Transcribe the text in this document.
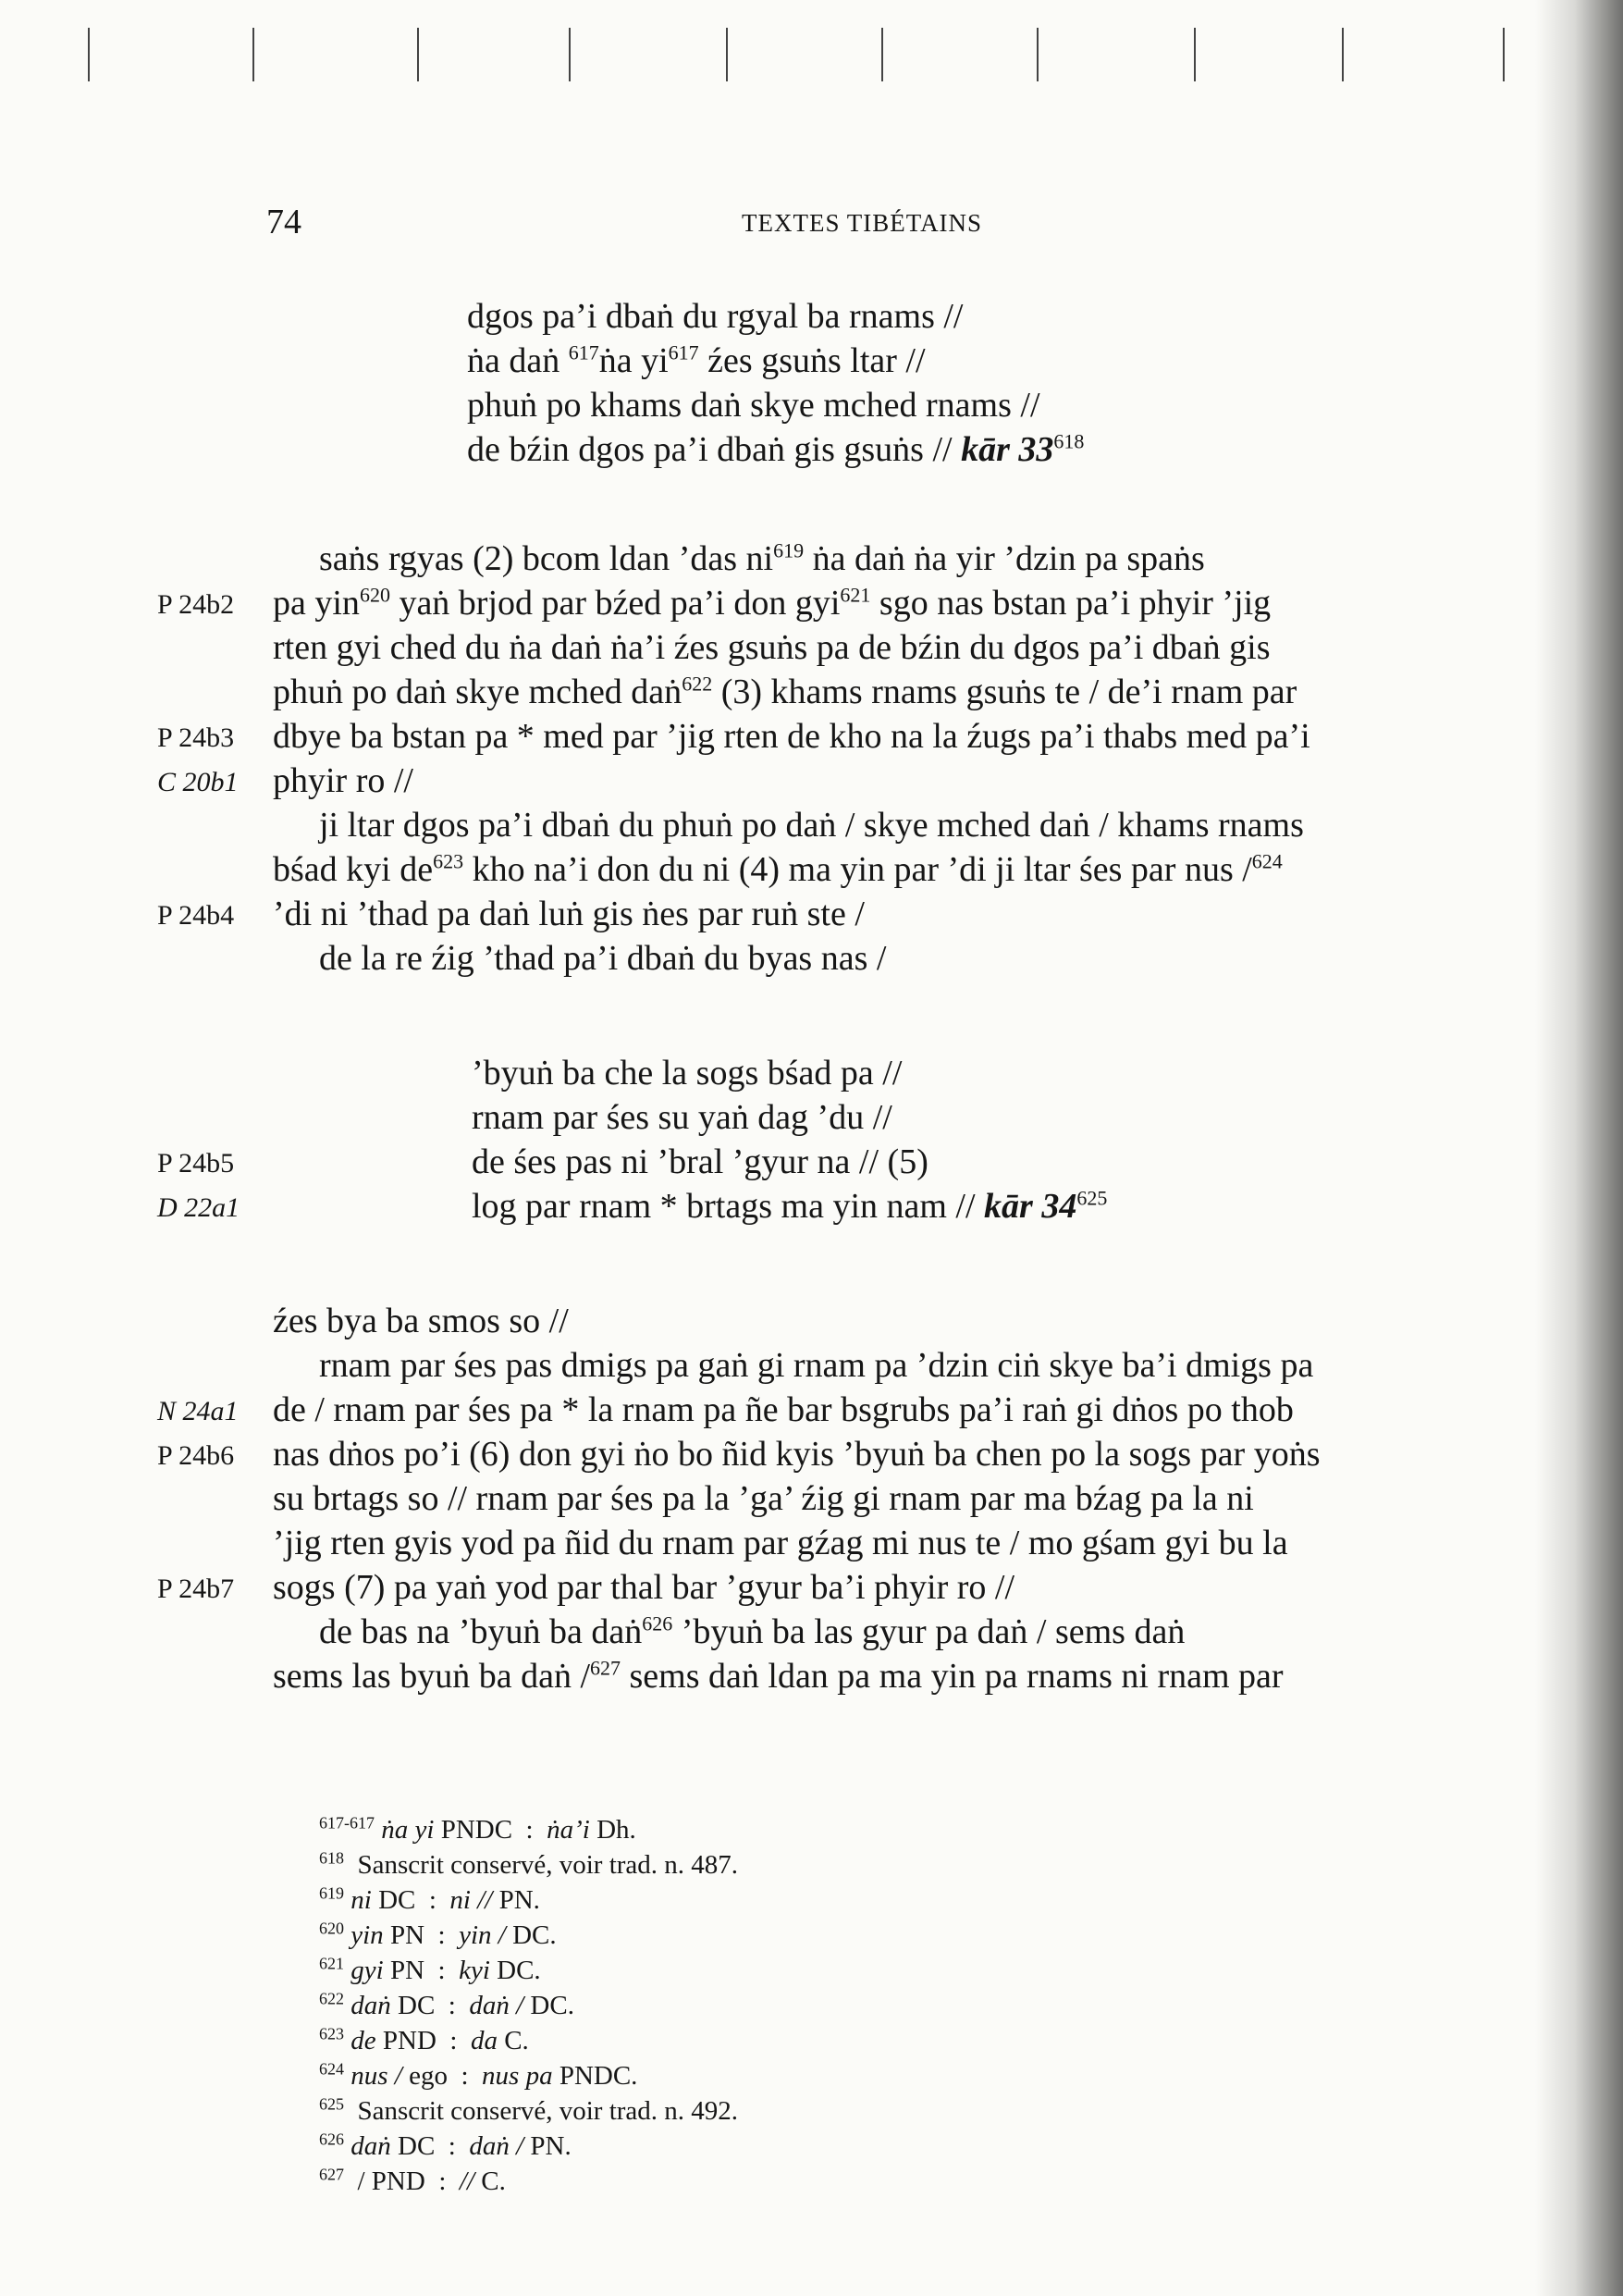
74	TEXTES TIBÉTAINS
dgos pa’i dbaṅ du rgyal ba rnams //
ṅa daṅ $^{617}$ṅa $yi^{617}$ źes gsuṅs ltar //
phuṅ po khams daṅ skye mched rnams //
de bźin dgos pa’i dbaṅ gis gsuṅs // kār $33^{618}$
saṅs rgyas (2) bcom ldan ’das $ni^{619}$ ṅa daṅ ṅa yir ’dzin pa spaṅs
P 24b2 pa yin$^{620}$ yaṅ brjod par bźed pa’i don gyi$^{621}$ sgo nas bstan pa’i phyir ’jig
rten gyi ched du ṅa daṅ ṅa’i źes gsuṅs pa de bźin du dgos pa’i dbaṅ gis
phuṅ po daṅ skye mched daṅ$^{622}$ (3) khams rnams gsuṅs te / de’i rnam par
P 24b3 dbye ba bstan pa * med par ’jig rten de kho na la źugs pa’i thabs med pa’i
C 20b1 phyir ro //
ji ltar dgos pa’i dbaṅ du phuṅ po daṅ / skye mched daṅ / khams rnams
bśad kyi $de^{623}$ kho na’i don du ni (4) ma yin par ’di ji ltar śes par nus /$^{624}$
P 24b4 ’di ni ’thad pa daṅ luṅ gis ṅes par ruṅ ste /
de la re źig ’thad pa’i dbaṅ du byas nas /
’byuṅ ba che la sogs bśad pa //
rnam par śes su yaṅ dag ’du //
P 24b5	de śes pas ni ’bral ’gyur na // (5)
D 22a1	log par rnam * brtags ma yin nam // kār $34^{625}$
źes bya ba smos so //
rnam par śes pas dmigs pa gaṅ gi rnam pa ’dzin ciṅ skye ba’i dmigs pa
N 24a1 de / rnam par śes pa * la rnam pa ñe bar bsgrubs pa’i raṅ gi dṅos po thob
P 24b6 nas dṅos po’i (6) don gyi ṅo bo ñid kyis ’byuṅ ba chen po la sogs par yoṅs
su brtags so // rnam par śes pa la ’ga’ źig gi rnam par ma bźag pa la ni
’jig rten gyis yod pa ñid du rnam par gźag mi nus te / mo gśam gyi bu la
P 24b7 sogs (7) pa yaṅ yod par thal bar ’gyur ba’i phyir ro //
de bas na ’byuṅ ba daṅ$^{626}$ ’byuṅ ba las gyur pa daṅ / sems daṅ
sems las byuṅ ba daṅ /$^{627}$ sems daṅ ldan pa ma yin pa rnams ni rnam par
$^{617-617}$ ṅa yi PNDC  :  ṅa’i Dh.
$^{618}$  Sanscrit conservé, voir trad. n. 487.
$^{619}$ ni DC  :  ni // PN.
$^{620}$ yin PN  :  yin / DC.
$^{621}$ gyi PN  :  kyi DC.
$^{622}$ daṅ DC  :  daṅ / DC.
$^{623}$ de PND  :  da C.
$^{624}$ nus / ego  :  nus pa PNDC.
$^{625}$  Sanscrit conservé, voir trad. n. 492.
$^{626}$ daṅ DC  :  daṅ / PN.
$^{627}$  / PND  :  // C.
